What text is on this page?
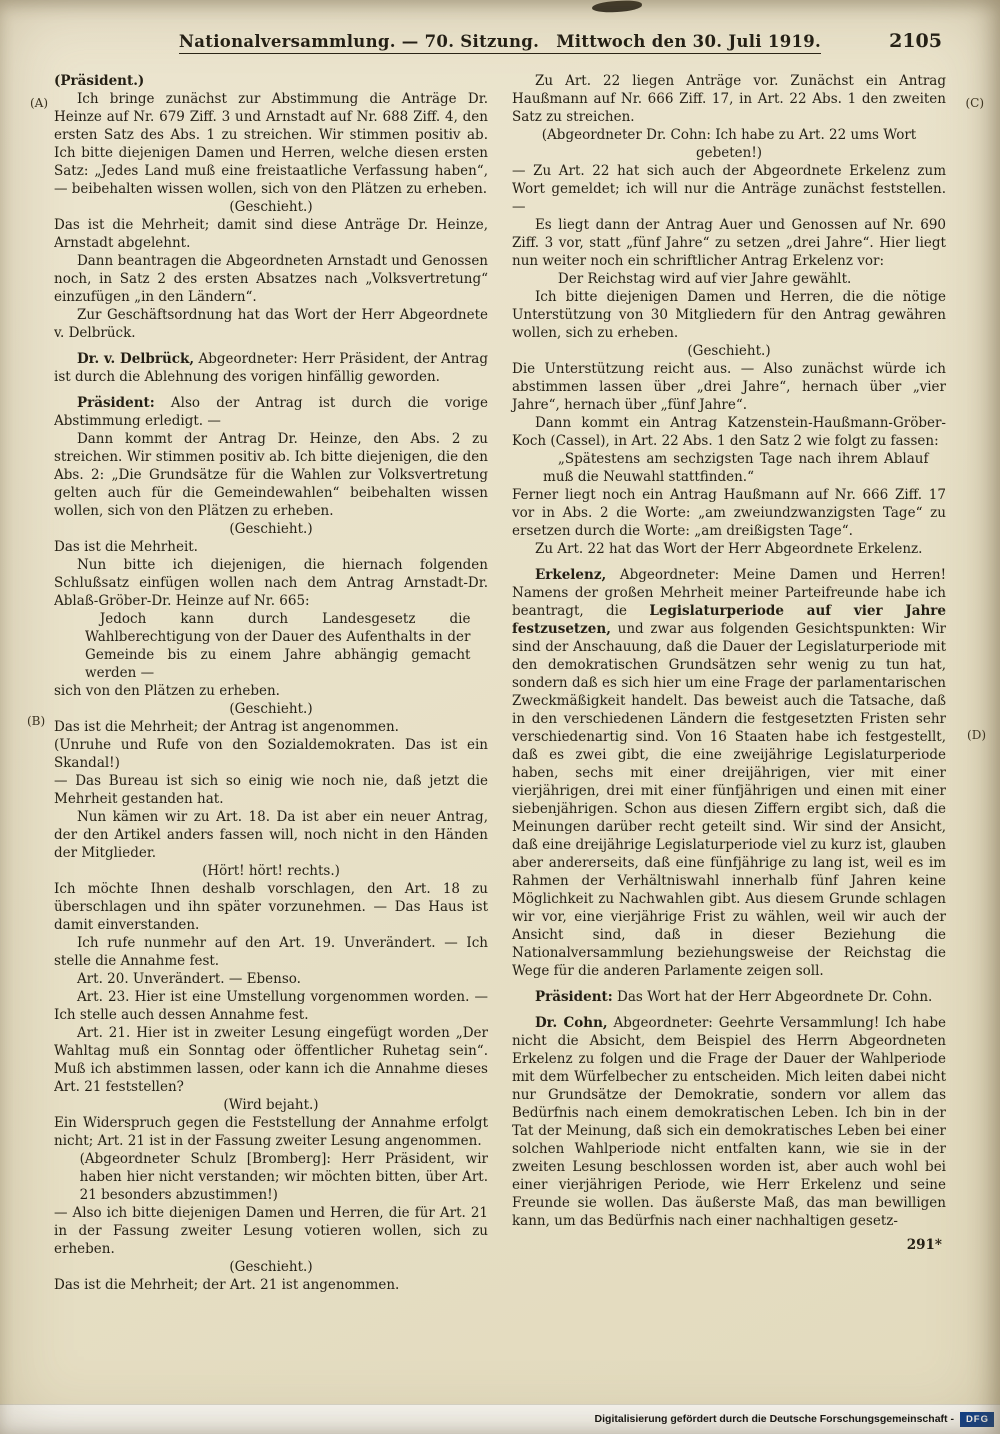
Nationalversammlung. — 70. Sitzung.  Mittwoch den 30. Juli 1919.	2105
(A)
(B)
(C)
(D)

(Präsident.)

Ich bringe zunächst zur Abstimmung die Anträge Dr. Heinze auf Nr. 679 Ziff. 3 und Arnstadt auf Nr. 688 Ziff. 4, den ersten Satz des Abs. 1 zu streichen. Wir stimmen positiv ab. Ich bitte diejenigen Damen und Herren, welche diesen ersten Satz: „Jedes Land muß eine freistaatliche Verfassung haben“, — beibehalten wissen wollen, sich von den Plätzen zu erheben.

(Geschieht.)

Das ist die Mehrheit; damit sind diese Anträge Dr. Heinze, Arnstadt abgelehnt.

Dann beantragen die Abgeordneten Arnstadt und Genossen noch, in Satz 2 des ersten Absatzes nach „Volksvertretung“ einzufügen „in den Ländern“.

Zur Geschäftsordnung hat das Wort der Herr Abgeordnete v. Delbrück.

Dr. v. Delbrück, Abgeordneter: Herr Präsident, der Antrag ist durch die Ablehnung des vorigen hinfällig geworden.

Präsident: Also der Antrag ist durch die vorige Abstimmung erledigt. —

Dann kommt der Antrag Dr. Heinze, den Abs. 2 zu streichen. Wir stimmen positiv ab. Ich bitte diejenigen, die den Abs. 2: „Die Grundsätze für die Wahlen zur Volksvertretung gelten auch für die Gemeindewahlen“ beibehalten wissen wollen, sich von den Plätzen zu erheben.

(Geschieht.)

Das ist die Mehrheit.

Nun bitte ich diejenigen, die hiernach folgenden Schlußsatz einfügen wollen nach dem Antrag Arnstadt-Dr. Ablaß-Gröber-Dr. Heinze auf Nr. 665:

Jedoch kann durch Landesgesetz die Wahlberechtigung von der Dauer des Aufenthalts in der Gemeinde bis zu einem Jahre abhängig gemacht werden —

sich von den Plätzen zu erheben.

(Geschieht.)

Das ist die Mehrheit; der Antrag ist angenommen.

(Unruhe und Rufe von den Sozialdemokraten. Das ist ein Skandal!)

— Das Bureau ist sich so einig wie noch nie, daß jetzt die Mehrheit gestanden hat.

Nun kämen wir zu Art. 18. Da ist aber ein neuer Antrag, der den Artikel anders fassen will, noch nicht in den Händen der Mitglieder.

(Hört! hört! rechts.)

Ich möchte Ihnen deshalb vorschlagen, den Art. 18 zu überschlagen und ihn später vorzunehmen. — Das Haus ist damit einverstanden.

Ich rufe nunmehr auf den Art. 19. Unverändert. — Ich stelle die Annahme fest.

Art. 20. Unverändert. — Ebenso.

Art. 23. Hier ist eine Umstellung vorgenommen worden. — Ich stelle auch dessen Annahme fest.

Art. 21. Hier ist in zweiter Lesung eingefügt worden „Der Wahltag muß ein Sonntag oder öffentlicher Ruhetag sein“. Muß ich abstimmen lassen, oder kann ich die Annahme dieses Art. 21 feststellen?

(Wird bejaht.)

Ein Widerspruch gegen die Feststellung der Annahme erfolgt nicht; Art. 21 ist in der Fassung zweiter Lesung angenommen.

(Abgeordneter Schulz [Bromberg]: Herr Präsident, wir haben hier nicht verstanden; wir möchten bitten, über Art. 21 besonders abzustimmen!)

— Also ich bitte diejenigen Damen und Herren, die für Art. 21 in der Fassung zweiter Lesung votieren wollen, sich zu erheben.

(Geschieht.)

Das ist die Mehrheit; der Art. 21 ist angenommen.

Zu Art. 22 liegen Anträge vor. Zunächst ein Antrag Haußmann auf Nr. 666 Ziff. 17, in Art. 22 Abs. 1 den zweiten Satz zu streichen.

(Abgeordneter Dr. Cohn: Ich habe zu Art. 22 ums Wort gebeten!)

— Zu Art. 22 hat sich auch der Abgeordnete Erkelenz zum Wort gemeldet; ich will nur die Anträge zunächst feststellen. —

Es liegt dann der Antrag Auer und Genossen auf Nr. 690 Ziff. 3 vor, statt „fünf Jahre“ zu setzen „drei Jahre“. Hier liegt nun weiter noch ein schriftlicher Antrag Erkelenz vor:

Der Reichstag wird auf vier Jahre gewählt.

Ich bitte diejenigen Damen und Herren, die die nötige Unterstützung von 30 Mitgliedern für den Antrag gewähren wollen, sich zu erheben.

(Geschieht.)

Die Unterstützung reicht aus. — Also zunächst würde ich abstimmen lassen über „drei Jahre“, hernach über „vier Jahre“, hernach über „fünf Jahre“.

Dann kommt ein Antrag Katzenstein-Haußmann-Gröber-Koch (Cassel), in Art. 22 Abs. 1 den Satz 2 wie folgt zu fassen:

„Spätestens am sechzigsten Tage nach ihrem Ablauf muß die Neuwahl stattfinden.“

Ferner liegt noch ein Antrag Haußmann auf Nr. 666 Ziff. 17 vor in Abs. 2 die Worte: „am zweiundzwanzigsten Tage“ zu ersetzen durch die Worte: „am dreißigsten Tage“.

Zu Art. 22 hat das Wort der Herr Abgeordnete Erkelenz.

Erkelenz, Abgeordneter: Meine Damen und Herren! Namens der großen Mehrheit meiner Parteifreunde habe ich beantragt, die Legislaturperiode auf vier Jahre festzusetzen, und zwar aus folgenden Gesichtspunkten: Wir sind der Anschauung, daß die Dauer der Legislaturperiode mit den demokratischen Grundsätzen sehr wenig zu tun hat, sondern daß es sich hier um eine Frage der parlamentarischen Zweckmäßigkeit handelt. Das beweist auch die Tatsache, daß in den verschiedenen Ländern die festgesetzten Fristen sehr verschiedenartig sind. Von 16 Staaten habe ich festgestellt, daß es zwei gibt, die eine zweijährige Legislaturperiode haben, sechs mit einer dreijährigen, vier mit einer vierjährigen, drei mit einer fünfjährigen und einen mit einer siebenjährigen. Schon aus diesen Ziffern ergibt sich, daß die Meinungen darüber recht geteilt sind. Wir sind der Ansicht, daß eine dreijährige Legislaturperiode viel zu kurz ist, glauben aber andererseits, daß eine fünfjährige zu lang ist, weil es im Rahmen der Verhältniswahl innerhalb fünf Jahren keine Möglichkeit zu Nachwahlen gibt. Aus diesem Grunde schlagen wir vor, eine vierjährige Frist zu wählen, weil wir auch der Ansicht sind, daß in dieser Beziehung die Nationalversammlung beziehungsweise der Reichstag die Wege für die anderen Parlamente zeigen soll.

Präsident: Das Wort hat der Herr Abgeordnete Dr. Cohn.

Dr. Cohn, Abgeordneter: Geehrte Versammlung! Ich habe nicht die Absicht, dem Beispiel des Herrn Abgeordneten Erkelenz zu folgen und die Frage der Dauer der Wahlperiode mit dem Würfelbecher zu entscheiden. Mich leiten dabei nicht nur Grundsätze der Demokratie, sondern vor allem das Bedürfnis nach einem demokratischen Leben. Ich bin in der Tat der Meinung, daß sich ein demokratisches Leben bei einer solchen Wahlperiode nicht entfalten kann, wie sie in der zweiten Lesung beschlossen worden ist, aber auch wohl bei einer vierjährigen Periode, wie Herr Erkelenz und seine Freunde sie wollen. Das äußerste Maß, das man bewilligen kann, um das Bedürfnis nach einer nachhaltigen gesetz-

291*

Digitalisierung gefördert durch die Deutsche Forschungsgemeinschaft -	DFG
